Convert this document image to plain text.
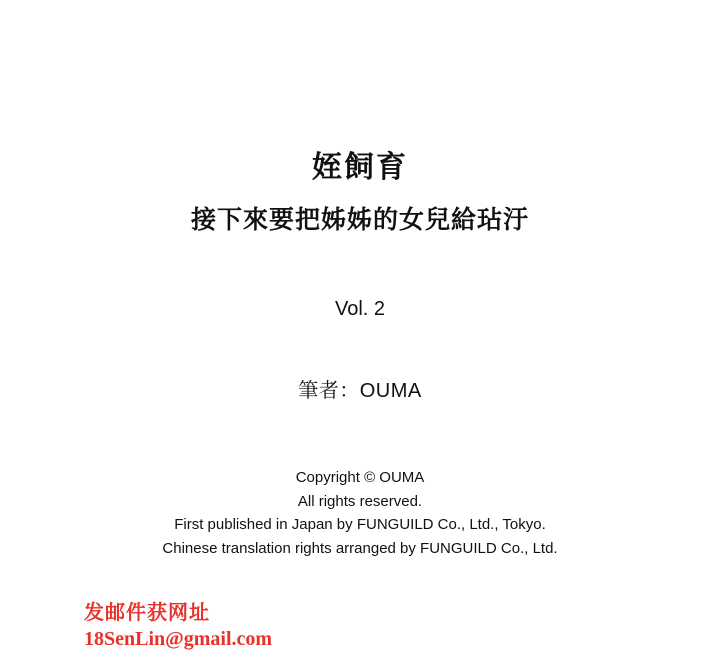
姪飼育
接下來要把姊姊的女兒給玷汙
Vol. 2
筆者：OUMA
Copyright © OUMA
All rights reserved.
First published in Japan by FUNGUILD Co., Ltd., Tokyo.
Chinese translation rights arranged by FUNGUILD Co., Ltd.
发邮件获网址
18SenLin@gmail.com
